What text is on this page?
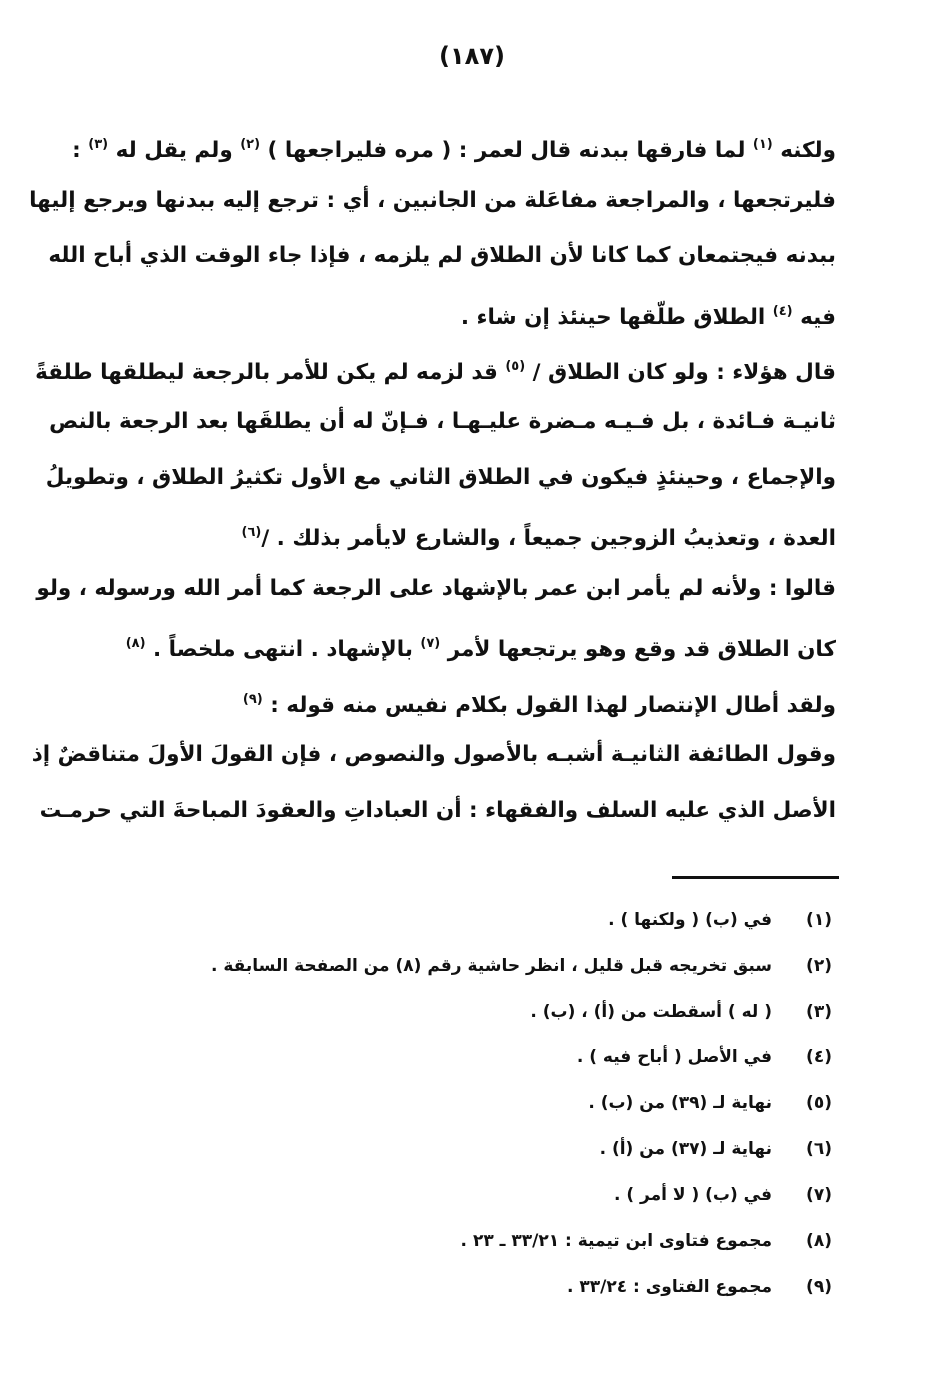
(١٨٧)
ولكنه $^{(١)}$ لما فارقها ببدنه قال لعمر : ( مره فليراجعها ) $^{(٢)}$ ولم يقل له $^{(٣)}$ :
فليرتجعها ، والمراجعة مفاعَلة من الجانبين ، أي : ترجع إليه ببدنها ويرجع إليها
ببدنه فيجتمعان كما كانا لأن الطلاق لم يلزمه ، فإذا جاء الوقت الذي أباح الله
فيه $^{(٤)}$ الطلاق طلّقها حينئذ إن شاء .
قال هؤلاء : ولو كان الطلاق / $^{(٥)}$ قد لزمه لم يكن للأمر بالرجعة ليطلقها طلقةً
ثانيـة فـائدة ، بل فـيـه مـضرة عليـهـا ، فـإنّ له أن يطلقَها بعد الرجعة بالنص
والإجماع ، وحينئذٍ فيكون في الطلاق الثاني مع الأول تكثيرُ الطلاق ، وتطويلُ
العدة ، وتعذيبُ الزوجين جميعاً ، والشارع لايأمر بذلك . /$^{(٦)}$
قالوا : ولأنه لم يأمر ابن عمر بالإشهاد على الرجعة كما أمر الله ورسوله ، ولو
كان الطلاق قد وقع وهو يرتجعها لأمر $^{(٧)}$ بالإشهاد . انتهى ملخصاً . $^{(٨)}$
ولقد أطال الإنتصار لهذا القول بكلام نفيس منه قوله : $^{(٩)}$
وقول الطائفة الثانيـة أشبـه بالأصول والنصوص ، فإن القولَ الأولَ متناقضٌ إذ
الأصل الذي عليه السلف والفقهاء : أن العباداتِ والعقودَ المباحةَ التي حرمـت
(١)في (ب) ( ولكنها ) .
(٢)سبق تخريجه قبل قليل ، انظر حاشية رقم (٨) من الصفحة السابقة .
(٣)( له ) أسقطت من (أ) ، (ب) .
(٤)في الأصل ( أباح فيه ) .
(٥)نهاية لـ (٣٩) من (ب) .
(٦)نهاية لـ (٣٧) من (أ) .
(٧)في (ب) ( لا أمر ) .
(٨)مجموع فتاوى ابن تيمية : ٣٣/٢١ ـ ٢٣ .
(٩)مجموع الفتاوى : ٣٣/٢٤ .
